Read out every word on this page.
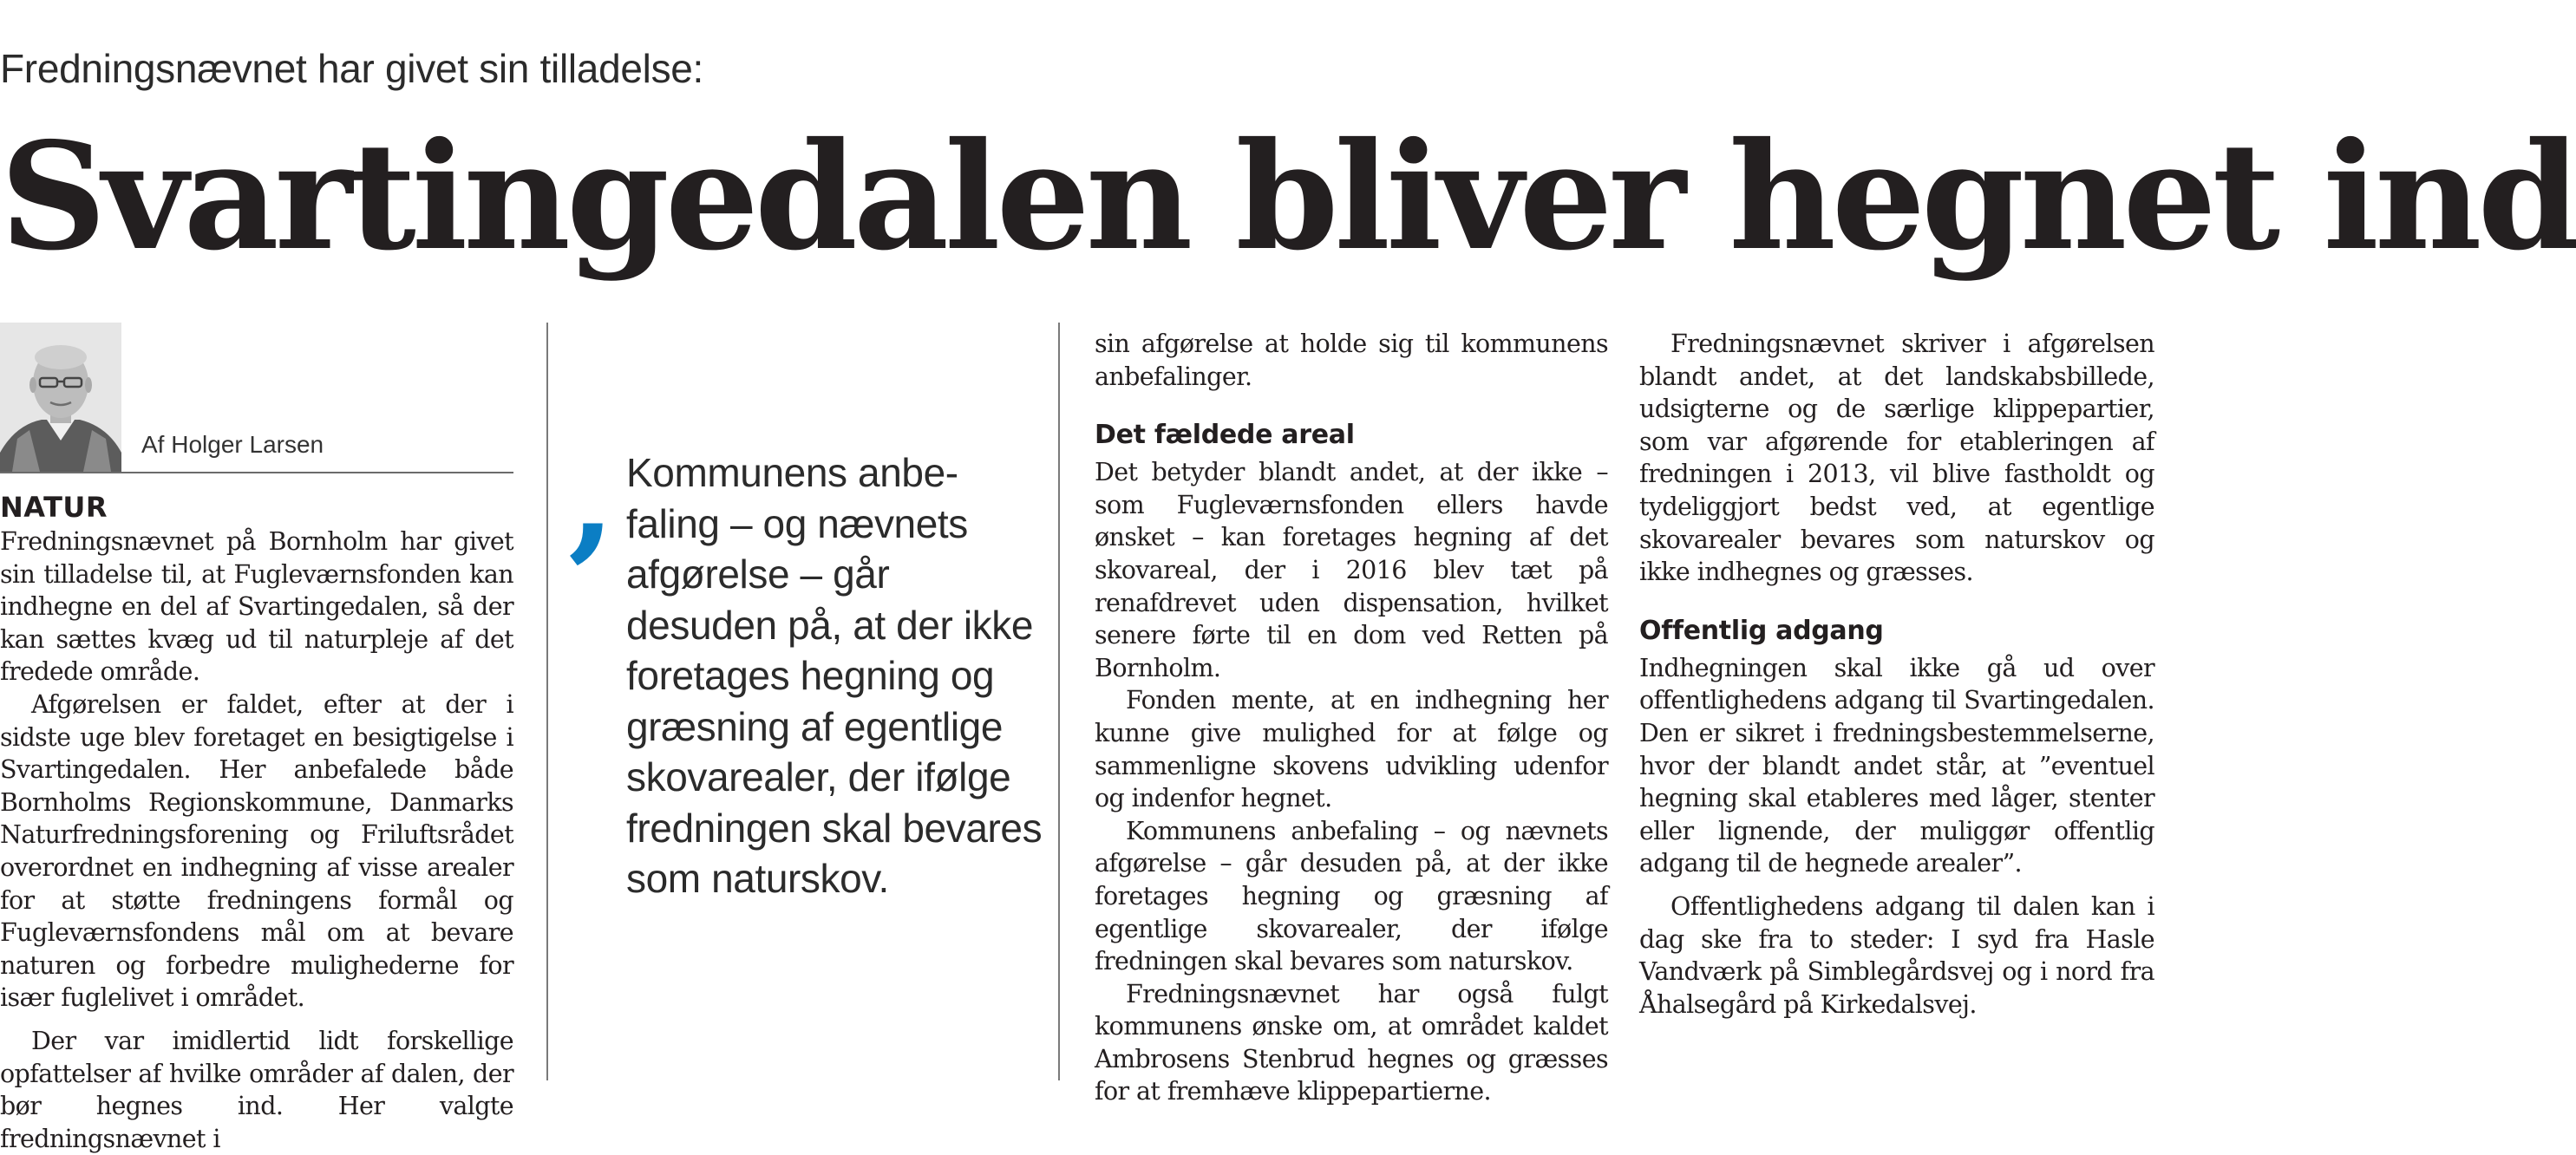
Fredningsnævnet har givet sin tilladelse:
Svartingedalen bliver hegnet ind
Af Holger Larsen
NATUR

Fredningsnævnet på Bornholm har givet sin tilladelse til, at Fugleværnsfonden kan indhegne en del af Svartingedalen, så der kan sættes kvæg ud til naturpleje af det fredede område.

Afgørelsen er faldet, efter at der i sidste uge blev foretaget en besigtigelse i Svartingedalen. Her anbefalede både Bornholms Regionskommune, Danmarks Naturfredningsforening og Friluftsrådet overordnet en indhegning af visse arealer for at støtte fredningens formål og Fugleværnsfondens mål om at bevare naturen og forbedre mulighederne for især fuglelivet i området.

Der var imidlertid lidt forskellige opfattelser af hvilke områder af dalen, der bør hegnes ind. Her valgte fredningsnævnet i

‚ Kommunens anbe-
faling – og nævnets
afgørelse – går
desuden på, at der ikke
foretages hegning og
græsning af egentlige
skovarealer, der ifølge
fredningen skal bevares
som naturskov.

sin afgørelse at holde sig til kommunens anbefalinger.

Det fældede areal

Det betyder blandt andet, at der ikke – som Fugleværnsfonden ellers havde ønsket – kan foretages hegning af det skovareal, der i 2016 blev tæt på renafdrevet uden dispensation, hvilket senere førte til en dom ved Retten på Bornholm.

Fonden mente, at en indhegning her kunne give mulighed for at følge og sammenligne skovens udvikling udenfor og indenfor hegnet.

Kommunens anbefaling – og nævnets afgørelse – går desuden på, at der ikke foretages hegning og græsning af egentlige skovarealer, der ifølge fredningen skal bevares som naturskov.

Fredningsnævnet har også fulgt kommunens ønske om, at området kaldet Ambrosens Stenbrud hegnes og græsses for at fremhæve klippepartierne.

Fredningsnævnet skriver i afgørelsen blandt andet, at det landskabsbillede, udsigterne og de særlige klippepartier, som var afgørende for etableringen af fredningen i 2013, vil blive fastholdt og tydeliggjort bedst ved, at egentlige skovarealer bevares som naturskov og ikke indhegnes og græsses.

Offentlig adgang

Indhegningen skal ikke gå ud over offentlighedens adgang til Svartingedalen. Den er sikret i fredningsbestemmelserne, hvor der blandt andet står, at ”eventuel hegning skal etableres med låger, stenter eller lignende, der muliggør offentlig adgang til de hegnede arealer”.

Offentlighedens adgang til dalen kan i dag ske fra to steder: I syd fra Hasle Vandværk på Simblegårdsvej og i nord fra Åhalsegård på Kirkedalsvej.
